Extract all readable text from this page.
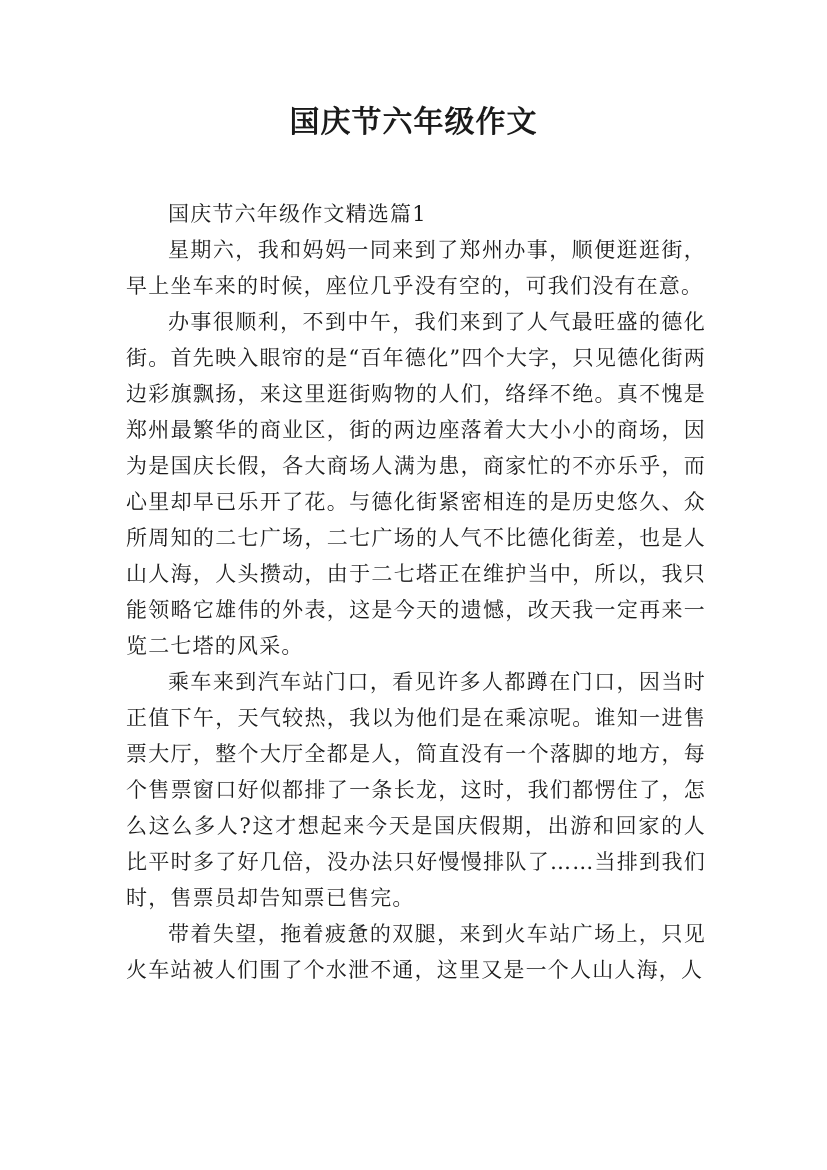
国庆节六年级作文

国庆节六年级作文精选篇1

星期六，我和妈妈一同来到了郑州办事，顺便逛逛街，早上坐车来的时候，座位几乎没有空的，可我们没有在意。

办事很顺利，不到中午，我们来到了人气最旺盛的德化街。首先映入眼帘的是“百年德化”四个大字，只见德化街两边彩旗飘扬，来这里逛街购物的人们，络绎不绝。真不愧是郑州最繁华的商业区，街的两边座落着大大小小的商场，因为是国庆长假，各大商场人满为患，商家忙的不亦乐乎，而心里却早已乐开了花。与德化街紧密相连的是历史悠久、众所周知的二七广场，二七广场的人气不比德化街差，也是人山人海，人头攒动，由于二七塔正在维护当中，所以，我只能领略它雄伟的外表，这是今天的遗憾，改天我一定再来一览二七塔的风采。

乘车来到汽车站门口，看见许多人都蹲在门口，因当时正值下午，天气较热，我以为他们是在乘凉呢。谁知一进售票大厅，整个大厅全都是人，简直没有一个落脚的地方，每个售票窗口好似都排了一条长龙，这时，我们都愣住了，怎么这么多人?这才想起来今天是国庆假期，出游和回家的人比平时多了好几倍，没办法只好慢慢排队了……当排到我们时，售票员却告知票已售完。

带着失望，拖着疲惫的双腿，来到火车站广场上，只见火车站被人们围了个水泄不通，这里又是一个人山人海，人
